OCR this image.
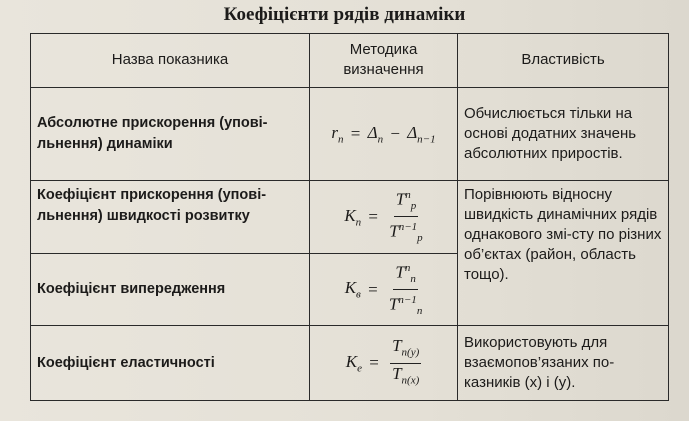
Коефіцієнти рядів динаміки
Назва показника	Методика визначення	Властивість
Абсолютне прискорення (упові-льнення) динаміки	$r_n = \Delta_n - \Delta_{n-1}$	Обчислюється тільки на основі додатних значень абсолютних приростів.
Коефіцієнт прискорення (упові-льнення) швидкості розвитку	$K_n = \frac{T^n_p}{T^{n-1}_p}$	Порівнюють відносну швидкість динамічних рядів однакового змі-сту по різних об’єктах (район, область тощо).
Коефіцієнт випередження	$K_в = \frac{T^n_n}{T^{n-1}_n}$

Коефіцієнт еластичності	$K_e = \frac{T_{n(y)}}{T_{n(x)}}$	Використовують для взаємопов’язаних по-казників (x) і (y).
